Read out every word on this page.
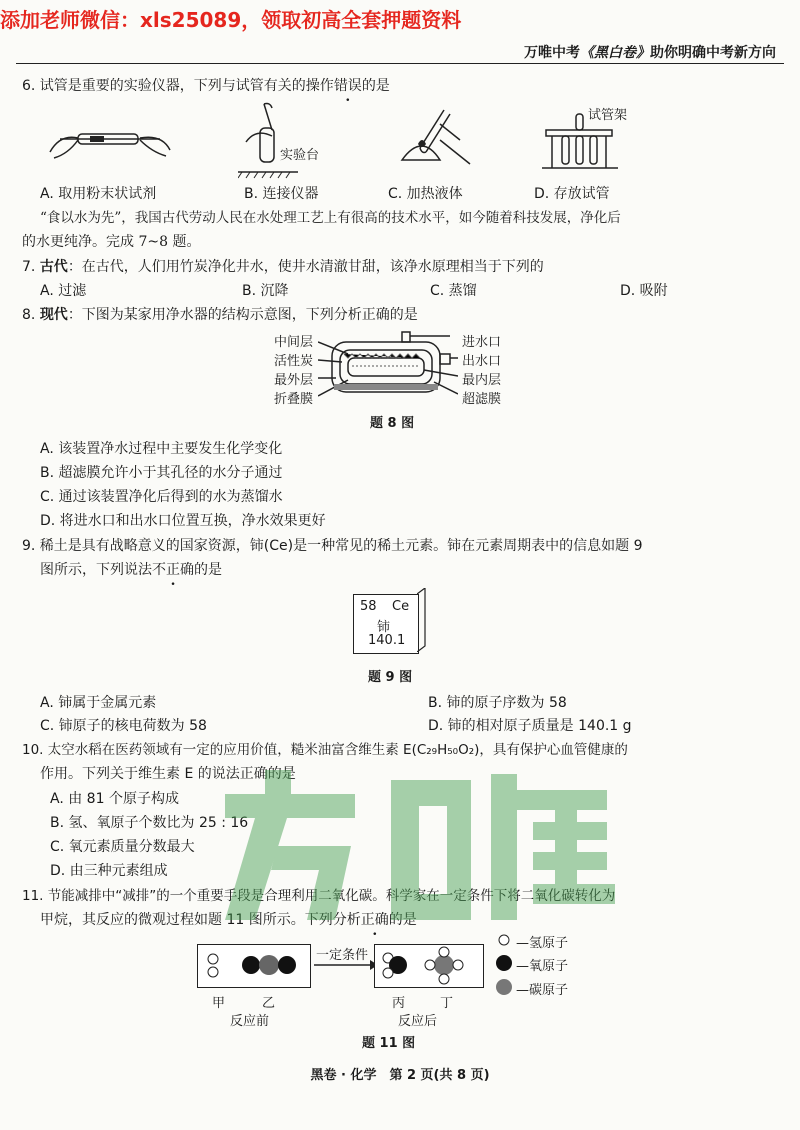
添加老师微信：xls25089，领取初高全套押题资料
万唯中考《黑白卷》助你明确中考新方向
6. 试管是重要的实验仪器，下列与试管有关的操作错误的是
实验台
试管架
A. 取用粉末状试剂	B. 连接仪器	C. 加热液体	D. 存放试管
“食以水为先”，我国古代劳动人民在水处理工艺上有很高的技术水平，如今随着科技发展，净化后
的水更纯净。完成 7~8 题。
7. 古代：在古代，人们用竹炭净化井水，使井水清澈甘甜，该净水原理相当于下列的
A. 过滤	B. 沉降	C. 蒸馏	D. 吸附
8. 现代：下图为某家用净水器的结构示意图，下列分析正确的是
中间层
活性炭
最外层
折叠膜
进水口
出水口
最内层
超滤膜
题 8 图
A. 该装置净水过程中主要发生化学变化
B. 超滤膜允许小于其孔径的水分子通过
C. 通过该装置净化后得到的水为蒸馏水
D. 将进水口和出水口位置互换，净水效果更好
9. 稀土是具有战略意义的国家资源，铈(Ce)是一种常见的稀土元素。铈在元素周期表中的信息如题 9
图所示，下列说法不正确的是
58 Ce
铈
140.1
题 9 图
A. 铈属于金属元素	B. 铈的原子序数为 58
C. 铈原子的核电荷数为 58	D. 铈的相对原子质量是 140.1 g
10. 太空水稻在医药领域有一定的应用价值，糙米油富含维生素 E(C₂₉H₅₀O₂)，具有保护心血管健康的
作用。下列关于维生素 E 的说法正确的是
A. 由 81 个原子构成
B. 氢、氧原子个数比为 25 : 16
C. 氧元素质量分数最大
D. 由三种元素组成
11. 节能减排中“减排”的一个重要手段是合理利用二氧化碳。科学家在一定条件下将二氧化碳转化为
甲烷，其反应的微观过程如题 11 图所示。下列分析正确的是
一定条件
—氢原子
—氧原子
—碳原子
甲	乙	丙	丁
反应前	反应后
题 11 图
黑卷 · 化学　第 2 页(共 8 页)
